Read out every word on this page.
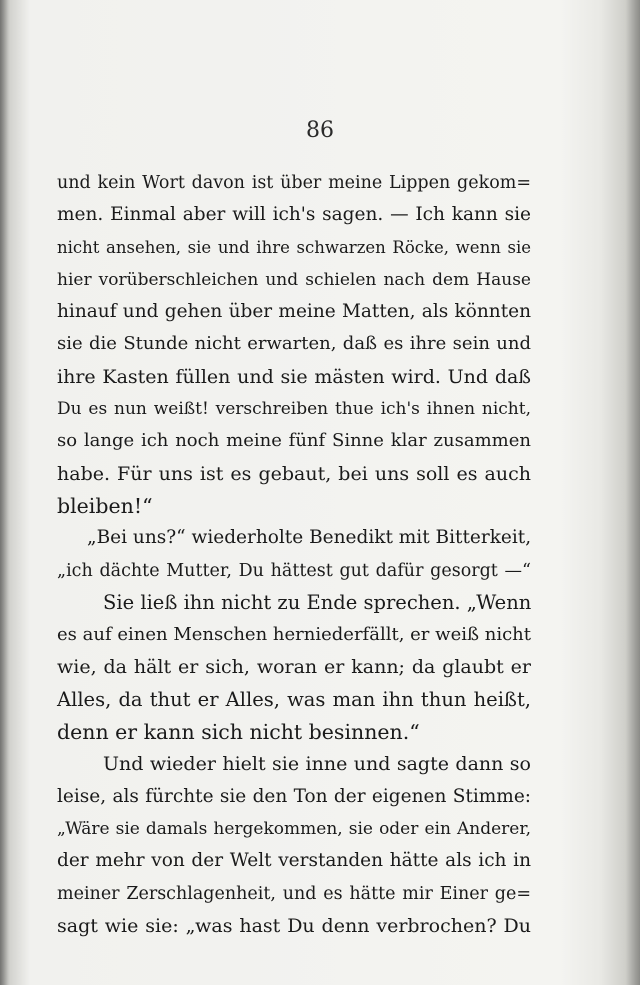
86
und kein Wort davon ist über meine Lippen gekom=
men. Einmal aber will ich's sagen. — Ich kann sie
nicht ansehen, sie und ihre schwarzen Röcke, wenn sie
hier vorüberschleichen und schielen nach dem Hause
hinauf und gehen über meine Matten, als könnten
sie die Stunde nicht erwarten, daß es ihre sein und
ihre Kasten füllen und sie mästen wird. Und daß
Du es nun weißt! verschreiben thue ich's ihnen nicht,
so lange ich noch meine fünf Sinne klar zusammen
habe. Für uns ist es gebaut, bei uns soll es auch
bleiben!“
„Bei uns?“ wiederholte Benedikt mit Bitterkeit,
„ich dächte Mutter, Du hättest gut dafür gesorgt —“
Sie ließ ihn nicht zu Ende sprechen. „Wenn
es auf einen Menschen herniederfällt, er weiß nicht
wie, da hält er sich, woran er kann; da glaubt er
Alles, da thut er Alles, was man ihn thun heißt,
denn er kann sich nicht besinnen.“
Und wieder hielt sie inne und sagte dann so
leise, als fürchte sie den Ton der eigenen Stimme:
„Wäre sie damals hergekommen, sie oder ein Anderer,
der mehr von der Welt verstanden hätte als ich in
meiner Zerschlagenheit, und es hätte mir Einer ge=
sagt wie sie: „was hast Du denn verbrochen? Du
